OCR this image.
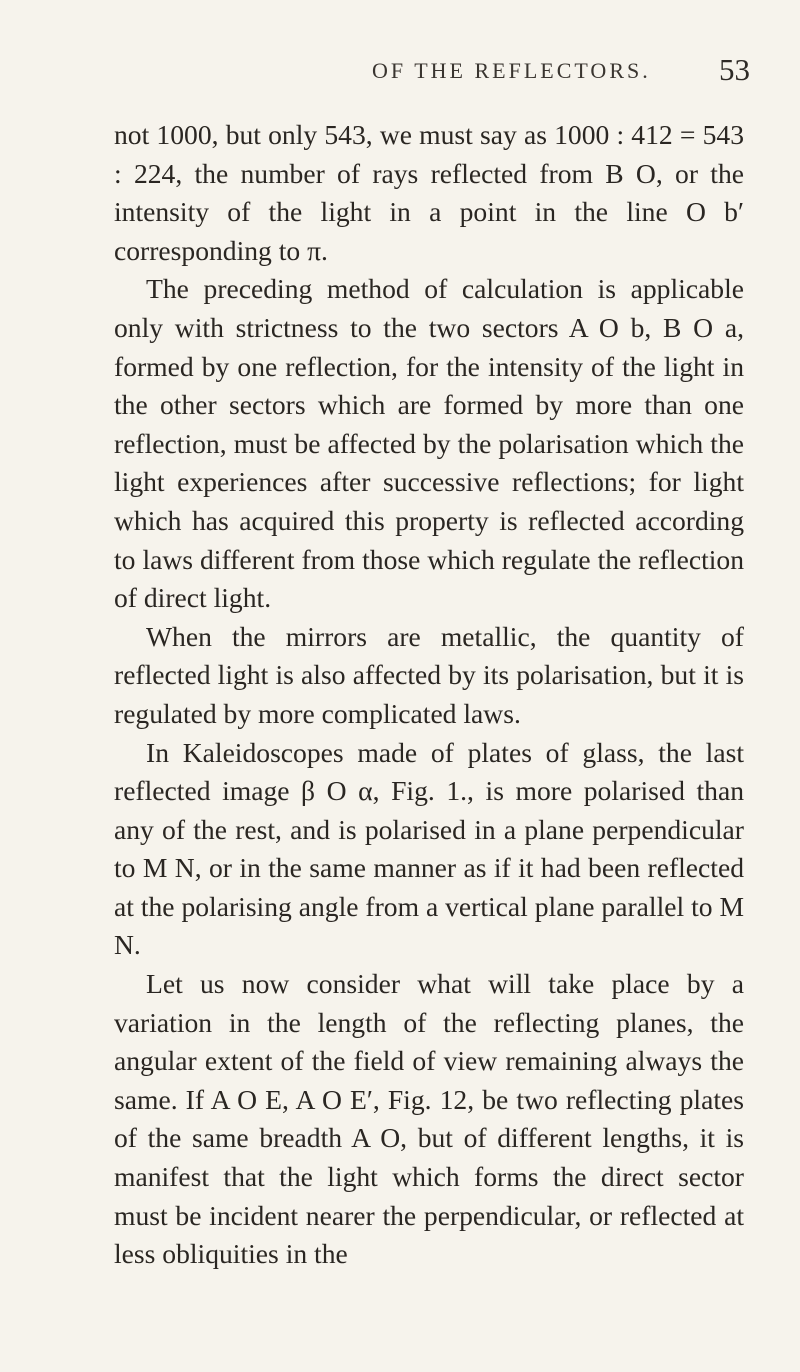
OF THE REFLECTORS. 53

not 1000, but only 543, we must say as 1000 : 412 = 543 : 224, the number of rays reflected from B O, or the intensity of the light in a point in the line O b′ corresponding to π.

The preceding method of calculation is applicable only with strictness to the two sectors A O b, B O a, formed by one reflection, for the intensity of the light in the other sectors which are formed by more than one reflection, must be affected by the polarisation which the light experiences after successive reflections; for light which has acquired this property is reflected according to laws different from those which regulate the reflection of direct light.

When the mirrors are metallic, the quantity of reflected light is also affected by its polarisation, but it is regulated by more complicated laws.

In Kaleidoscopes made of plates of glass, the last reflected image β O α, Fig. 1., is more polarised than any of the rest, and is polarised in a plane perpendicular to M N, or in the same manner as if it had been reflected at the polarising angle from a vertical plane parallel to M N.

Let us now consider what will take place by a variation in the length of the reflecting planes, the angular extent of the field of view remaining always the same. If A O E, A O E′, Fig. 12, be two reflecting plates of the same breadth A O, but of different lengths, it is manifest that the light which forms the direct sector must be incident nearer the perpendicular, or reflected at less obliquities in the
